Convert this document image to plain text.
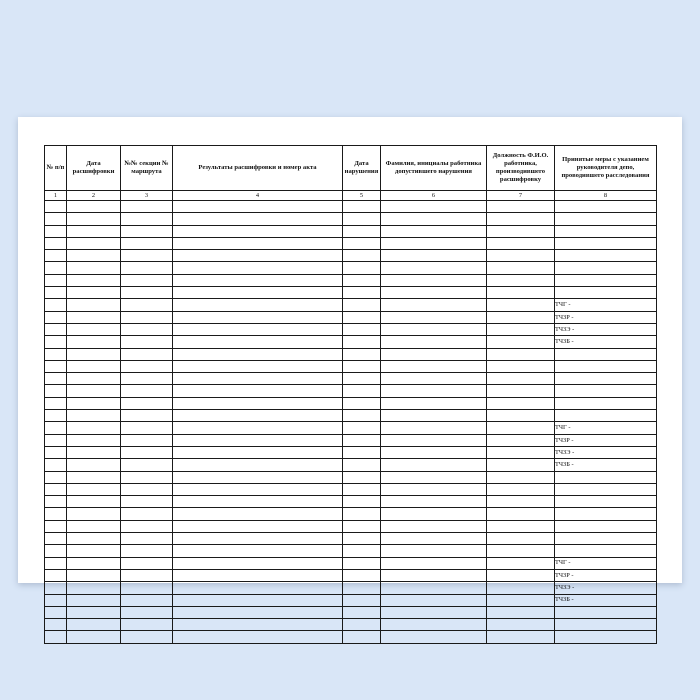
№ п/п	Дата расшифровки	№№ секции № маршрута	Результаты расшифровки и номер акта	Дата нарушения	Фамилия, инициалы работника допустившего нарушения	Должность Ф.И.О. работника, производившего расшифровку	Принятые меры с указанием руководителя депо, проводившего расследования
1	2	3	4	5	6	7	8

							ТЧГ -
							ТЧЗР -
							ТЧЗЭ -
							ТЧЗБ -

							ТЧГ -
							ТЧЗР -
							ТЧЗЭ -
							ТЧЗБ -

							ТЧГ -
							ТЧЗР -
							ТЧЗЭ -
							ТЧЗБ -
